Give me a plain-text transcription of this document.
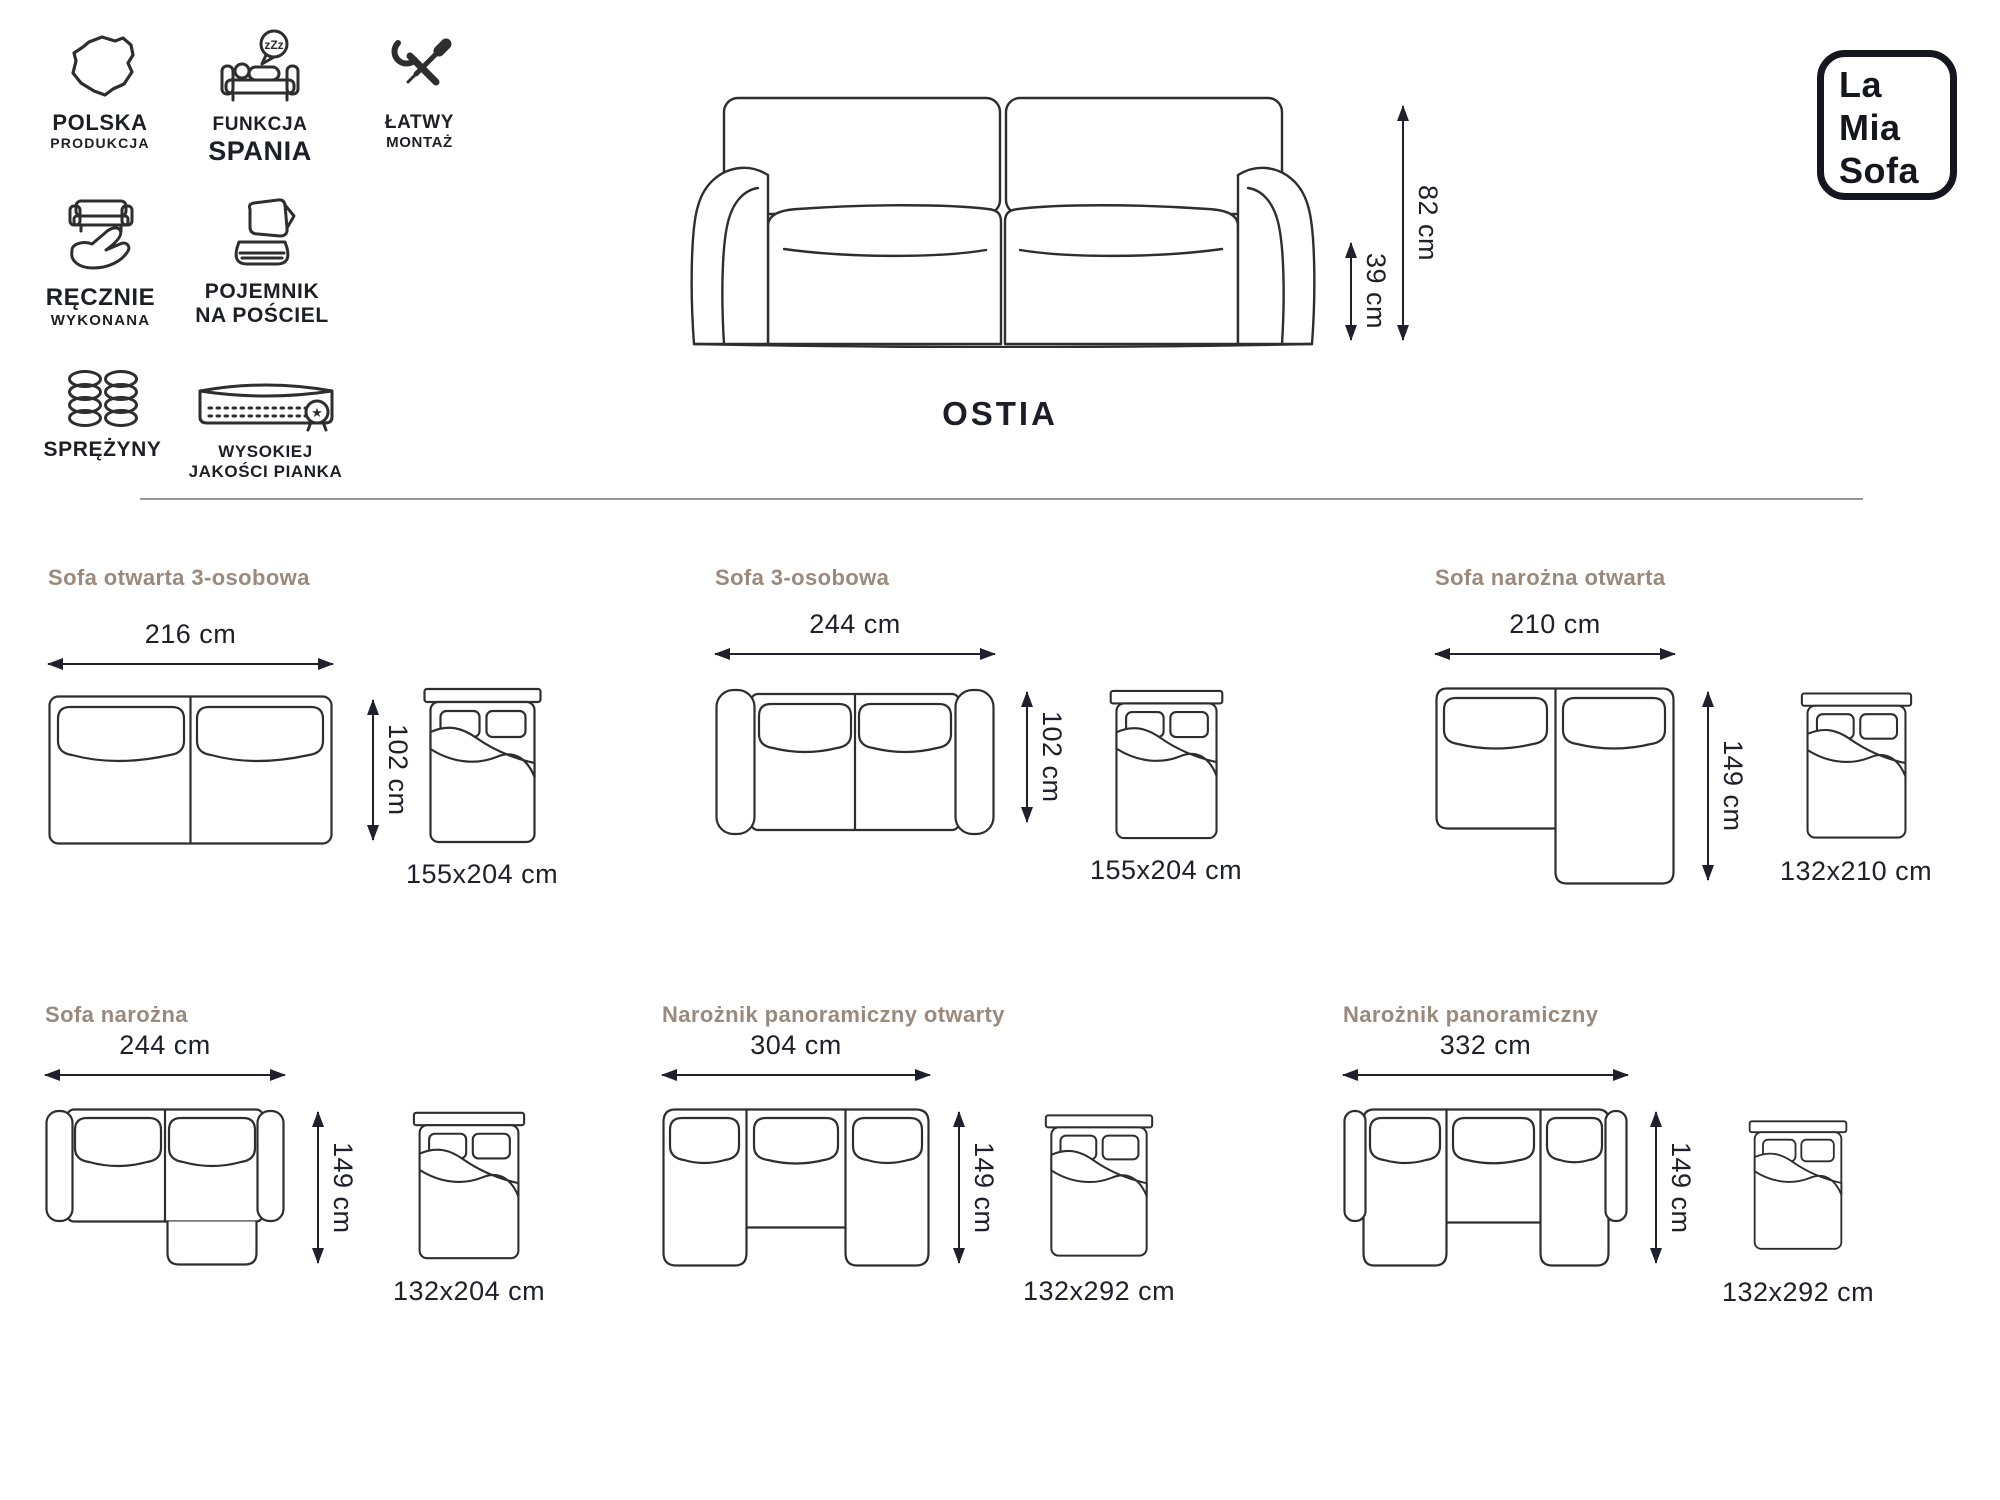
POLSKA
PRODUKCJA
zZz
FUNKCJA
SPANIA
ŁATWY
MONTAŻ
RĘCZNIE
WYKONANA
POJEMNIK
NA POŚCIEL
SPRĘŻYNY
★
WYSOKIEJ
JAKOŚCI PIANKA
La
Mia
Sofa
82 cm
39 cm
OSTIA
Sofa otwarta 3-osobowa
216 cm
102 cm
155x204 cm
Sofa 3-osobowa
244 cm
102 cm
155x204 cm
Sofa narożna otwarta
210 cm
149 cm
132x210 cm
Sofa narożna
244 cm
149 cm
132x204 cm
Narożnik panoramiczny otwarty
304 cm
149 cm
132x292 cm
Narożnik panoramiczny
332 cm
149 cm
132x292 cm
